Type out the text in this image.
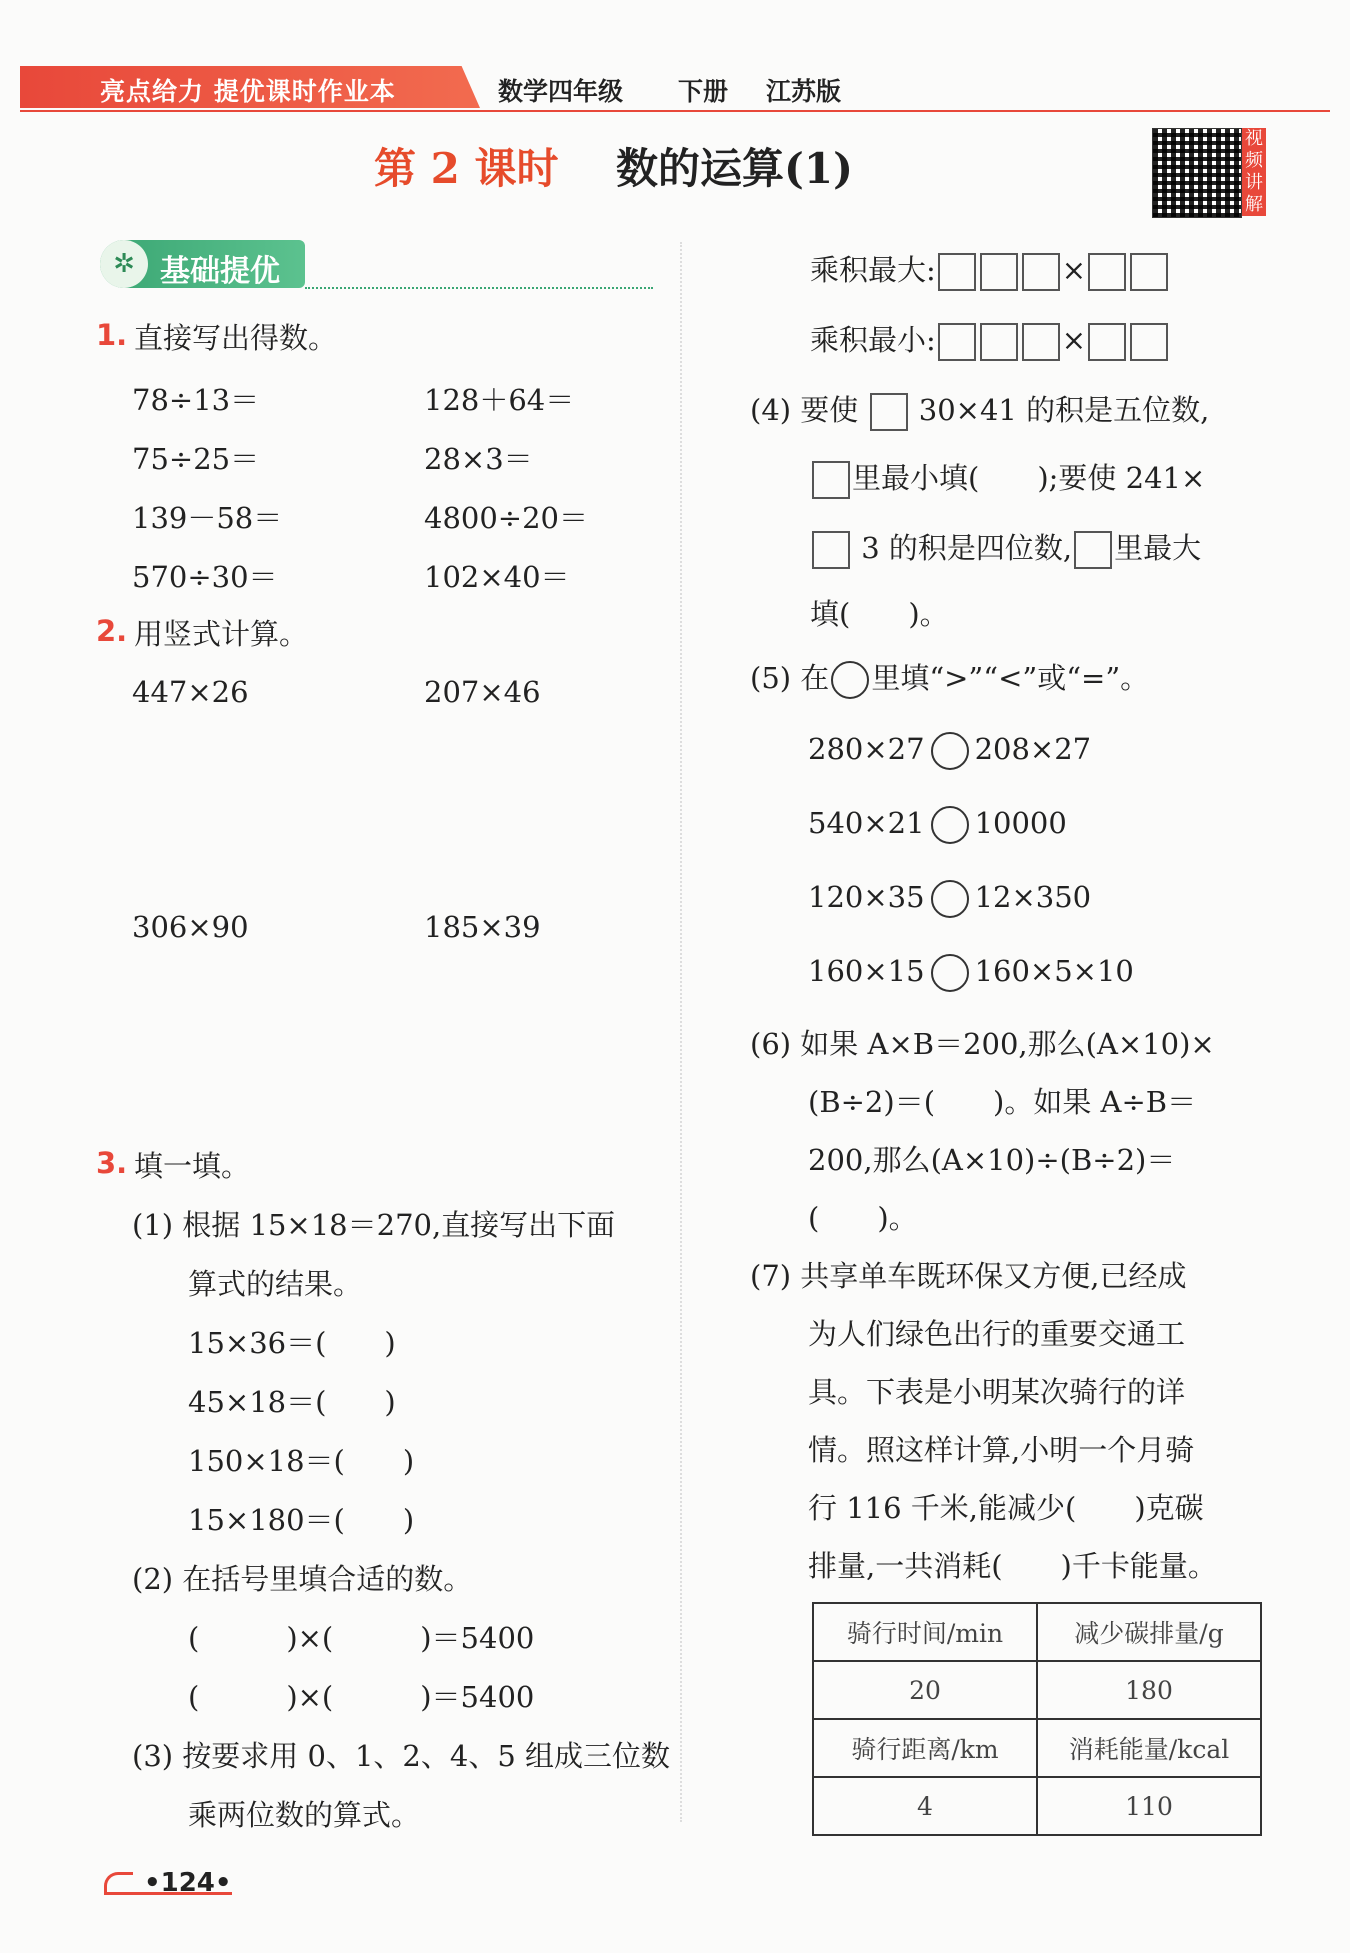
亮点给力 提优课时作业本	数学四年级 下册 江苏版
第 2 课时 数的运算(1)
视频讲解
✲ 基础提优
1. 直接写出得数。
78÷13＝	128＋64＝
75÷25＝	28×3＝
139－58＝	4800÷20＝
570÷30＝	102×40＝
2. 用竖式计算。
447×26	207×46
306×90	185×39
3. 填一填。
(1) 根据 15×18＝270,直接写出下面
算式的结果。
15×36＝(　　)
45×18＝(　　)
150×18＝(　　)
15×180＝(　　)
(2) 在括号里填合适的数。
(　　　)×(　　　)＝5400
(　　　)×(　　　)＝5400
(3) 按要求用 0、1、2、4、5 组成三位数
乘两位数的算式。
乘积最大:	×
乘积最小:	×
(4) 要使 30×41 的积是五位数,
里最小填(　　);要使 241×
3 的积是四位数, 里最大
填(　　)。
(5) 在 里填“>”“<”或“=”。
280×27 208×27
540×21 10000
120×35 12×350
160×15 160×5×10
(6) 如果 A×B＝200,那么(A×10)×
(B÷2)＝(　　)。如果 A÷B＝
200,那么(A×10)÷(B÷2)＝
(　　)。
(7) 共享单车既环保又方便,已经成
为人们绿色出行的重要交通工
具。下表是小明某次骑行的详
情。照这样计算,小明一个月骑
行 116 千米,能减少(　　)克碳
排量,一共消耗(　　)千卡能量。
骑行时间/min	减少碳排量/g
20	180
骑行距离/km	消耗能量/kcal
4	110
•124•
